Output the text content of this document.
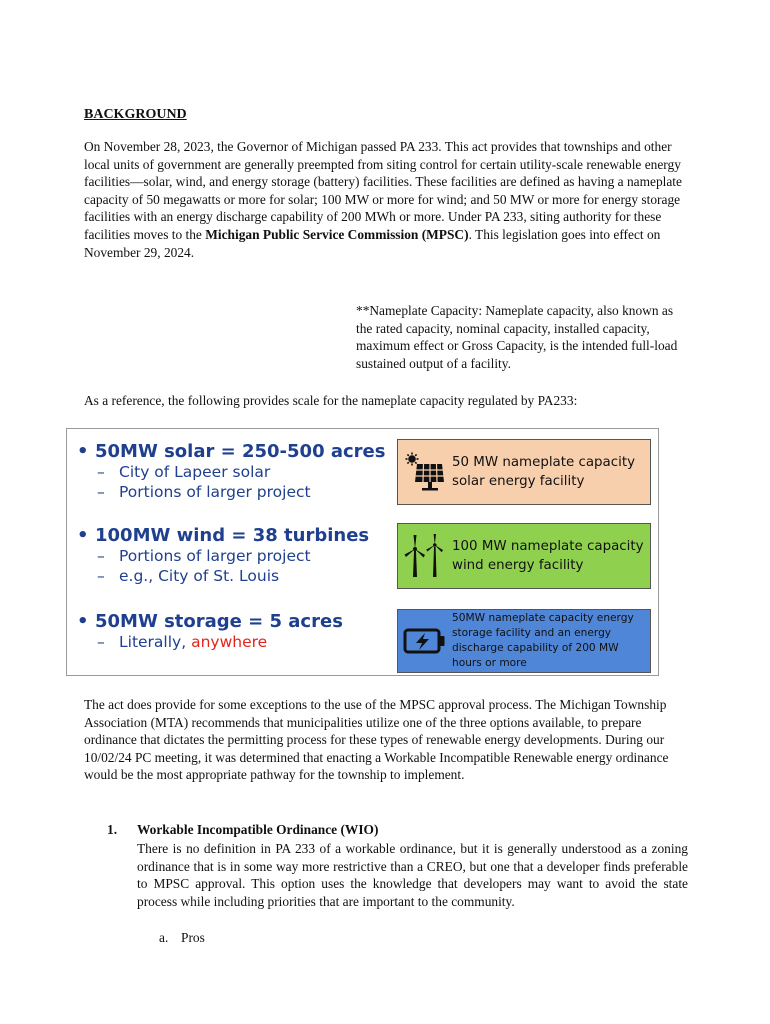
BACKGROUND

On November 28, 2023, the Governor of Michigan passed PA 233. This act provides that townships and other local units of government are generally preempted from siting control for certain utility-scale renewable energy facilities—solar, wind, and energy storage (battery) facilities. These facilities are defined as having a nameplate capacity of 50 megawatts or more for solar; 100 MW or more for wind; and 50 MW or more for energy storage facilities with an energy discharge capability of 200 MWh or more. Under PA 233, siting authority for these facilities moves to the Michigan Public Service Commission (MPSC). This legislation goes into effect on November 29, 2024.

**Nameplate Capacity: Nameplate capacity, also known as the rated capacity, nominal capacity, installed capacity, maximum effect or Gross Capacity, is the intended full-load sustained output of a facility.

As a reference, the following provides scale for the nameplate capacity regulated by PA233:

• 50MW solar = 250-500 acres
– City of Lapeer solar
– Portions of larger project
• 100MW wind = 38 turbines
– Portions of larger project
– e.g., City of St. Louis
• 50MW storage = 5 acres
– Literally, anywhere
50 MW nameplate capacity
solar energy facility
100 MW nameplate capacity
wind energy facility
50MW nameplate capacity energy
storage facility and an energy
discharge capability of 200 MW
hours or more

The act does provide for some exceptions to the use of the MPSC approval process. The Michigan Township Association (MTA) recommends that municipalities utilize one of the three options available, to prepare ordinance that dictates the permitting process for these types of renewable energy developments. During our 10/02/24 PC meeting, it was determined that enacting a Workable Incompatible Renewable energy ordinance would be the most appropriate pathway for the township to implement.

1. Workable Incompatible Ordinance (WIO)

There is no definition in PA 233 of a workable ordinance, but it is generally understood as a zoning ordinance that is in some way more restrictive than a CREO, but one that a developer finds preferable to MPSC approval. This option uses the knowledge that developers may want to avoid the state process while including priorities that are important to the community.

a. Pros
